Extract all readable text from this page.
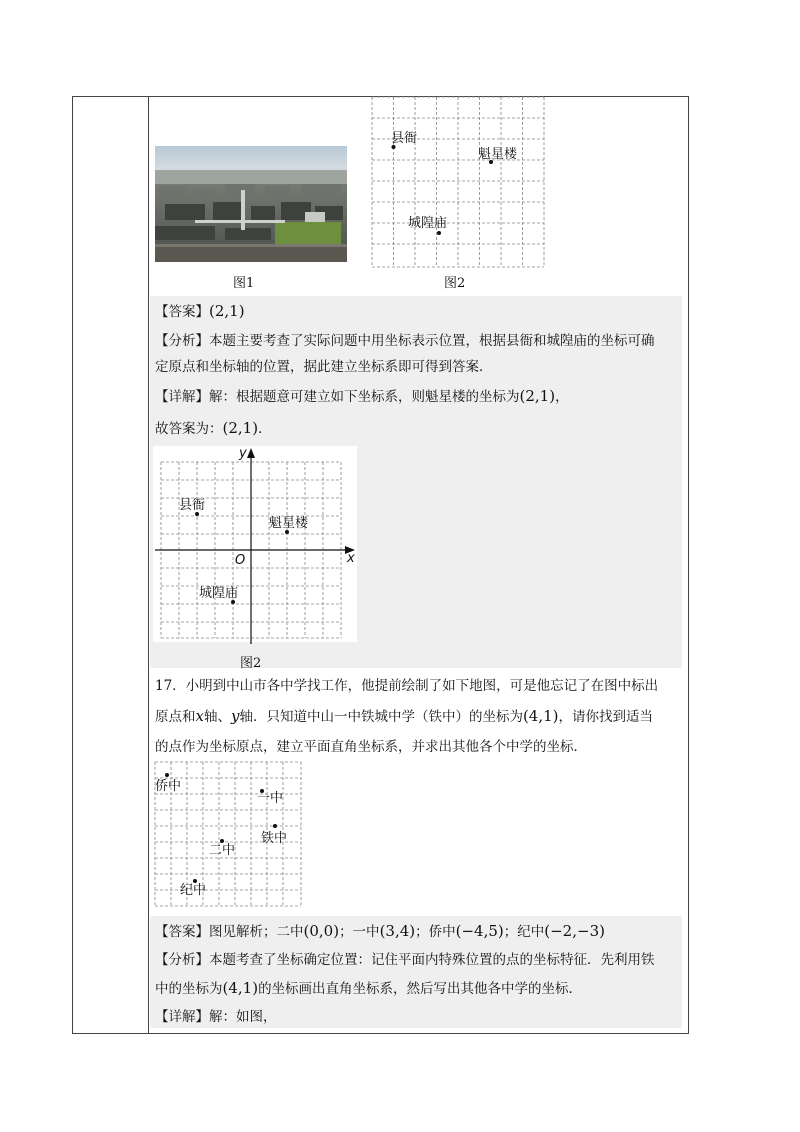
图1
县衙
魁星楼
城隍庙
图2
【答案】(2,1)
【分析】本题主要考查了实际问题中用坐标表示位置，根据县衙和城隍庙的坐标可确
定原点和坐标轴的位置，据此建立坐标系即可得到答案．
【详解】解：根据题意可建立如下坐标系，则魁星楼的坐标为(2,1)，
故答案为：(2,1)．
y
x
O
县衙
魁星楼
城隍庙
图2
17．小明到中山市各中学找工作，他提前绘制了如下地图，可是他忘记了在图中标出
原点和x轴、y轴．只知道中山一中铁城中学（铁中）的坐标为(4,1)，请你找到适当
的点作为坐标原点，建立平面直角坐标系，并求出其他各个中学的坐标．
侨中
一中
铁中
二中
纪中
【答案】图见解析；二中(0,0)；一中(3,4)；侨中(−4,5)；纪中(−2,−3)
【分析】本题考查了坐标确定位置：记住平面内特殊位置的点的坐标特征．先利用铁
中的坐标为(4,1)的坐标画出直角坐标系，然后写出其他各中学的坐标．
【详解】解：如图，
